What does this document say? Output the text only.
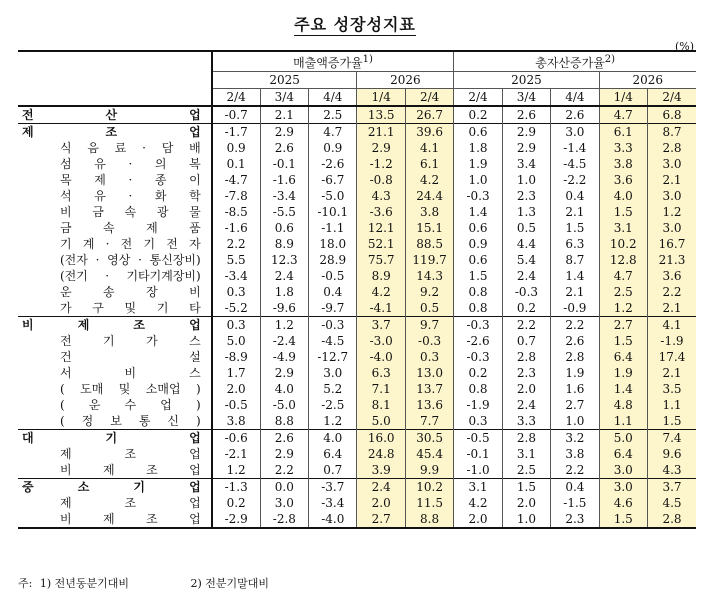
주요 성장성지표
(%)
	매출액증가율$^{1)}$					총자산증가율$^{2)}$
	2025			2026		2025			2026	
	2/4	3/4	4/4	1/4	2/4	2/4	3/4	4/4	1/4	2/4
전 산 업	-0.7	2.1	2.5	13.5	26.7	0.2	2.6	2.6	4.7	6.8
제 조 업	-1.7	2.9	4.7	21.1	39.6	0.6	2.9	3.0	6.1	8.7
식 음 료 · 담 배	0.9	2.6	0.9	2.9	4.1	1.8	2.9	-1.4	3.3	2.8
섬 유 · 의 복	0.1	-0.1	-2.6	-1.2	6.1	1.9	3.4	-4.5	3.8	3.0
목 제 · 종 이	-4.7	-1.6	-6.7	-0.8	4.2	1.0	1.0	-2.2	3.6	2.1
석 유 · 화 학	-7.8	-3.4	-5.0	4.3	24.4	-0.3	2.3	0.4	4.0	3.0
비 금 속 광 물	-8.5	-5.5	-10.1	-3.6	3.8	1.4	1.3	2.1	1.5	1.2
금 속 제 품	-1.6	0.6	-1.1	12.1	15.1	0.6	0.5	1.5	3.1	3.0
기 계 · 전 기 전 자	2.2	8.9	18.0	52.1	88.5	0.9	4.4	6.3	10.2	16.7
(전자 · 영상 · 통신장비)	5.5	12.3	28.9	75.7	119.7	0.6	5.4	8.7	12.8	21.3
(전기 · 기타기계장비)	-3.4	2.4	-0.5	8.9	14.3	1.5	2.4	1.4	4.7	3.6
운 송 장 비	0.3	1.8	0.4	4.2	9.2	0.8	-0.3	2.1	2.5	2.2
가 구 및 기 타	-5.2	-9.6	-9.7	-4.1	0.5	0.8	0.2	-0.9	1.2	2.1
비 제 조 업	0.3	1.2	-0.3	3.7	9.7	-0.3	2.2	2.2	2.7	4.1
전 기 가 스	5.0	-2.4	-4.5	-3.0	-0.3	-2.6	0.7	2.6	1.5	-1.9
건 설	-8.9	-4.9	-12.7	-4.0	0.3	-0.3	2.8	2.8	6.4	17.4
서 비 스	1.7	2.9	3.0	6.3	13.0	0.2	2.3	1.9	1.9	2.1
( 도매 및 소매업 )	2.0	4.0	5.2	7.1	13.7	0.8	2.0	1.6	1.4	3.5
( 운 수 업 )	-0.5	-5.0	-2.5	8.1	13.6	-1.9	2.4	2.7	4.8	1.1
( 정 보 통 신 )	3.8	8.8	1.2	5.0	7.7	0.3	3.3	1.0	1.1	1.5
대 기 업	-0.6	2.6	4.0	16.0	30.5	-0.5	2.8	3.2	5.0	7.4
제 조 업	-2.1	2.9	6.4	24.8	45.4	-0.1	3.1	3.8	6.4	9.6
비 제 조 업	1.2	2.2	0.7	3.9	9.9	-1.0	2.5	2.2	3.0	4.3
중 소 기 업	-1.3	0.0	-3.7	2.4	10.2	3.1	1.5	0.4	3.0	3.7
제 조 업	0.2	3.0	-3.4	2.0	11.5	4.2	2.0	-1.5	4.6	4.5
비 제 조 업	-2.9	-2.8	-4.0	2.7	8.8	2.0	1.0	2.3	1.5	2.8
주: 1) 전년동분기대비	2) 전분기말대비
